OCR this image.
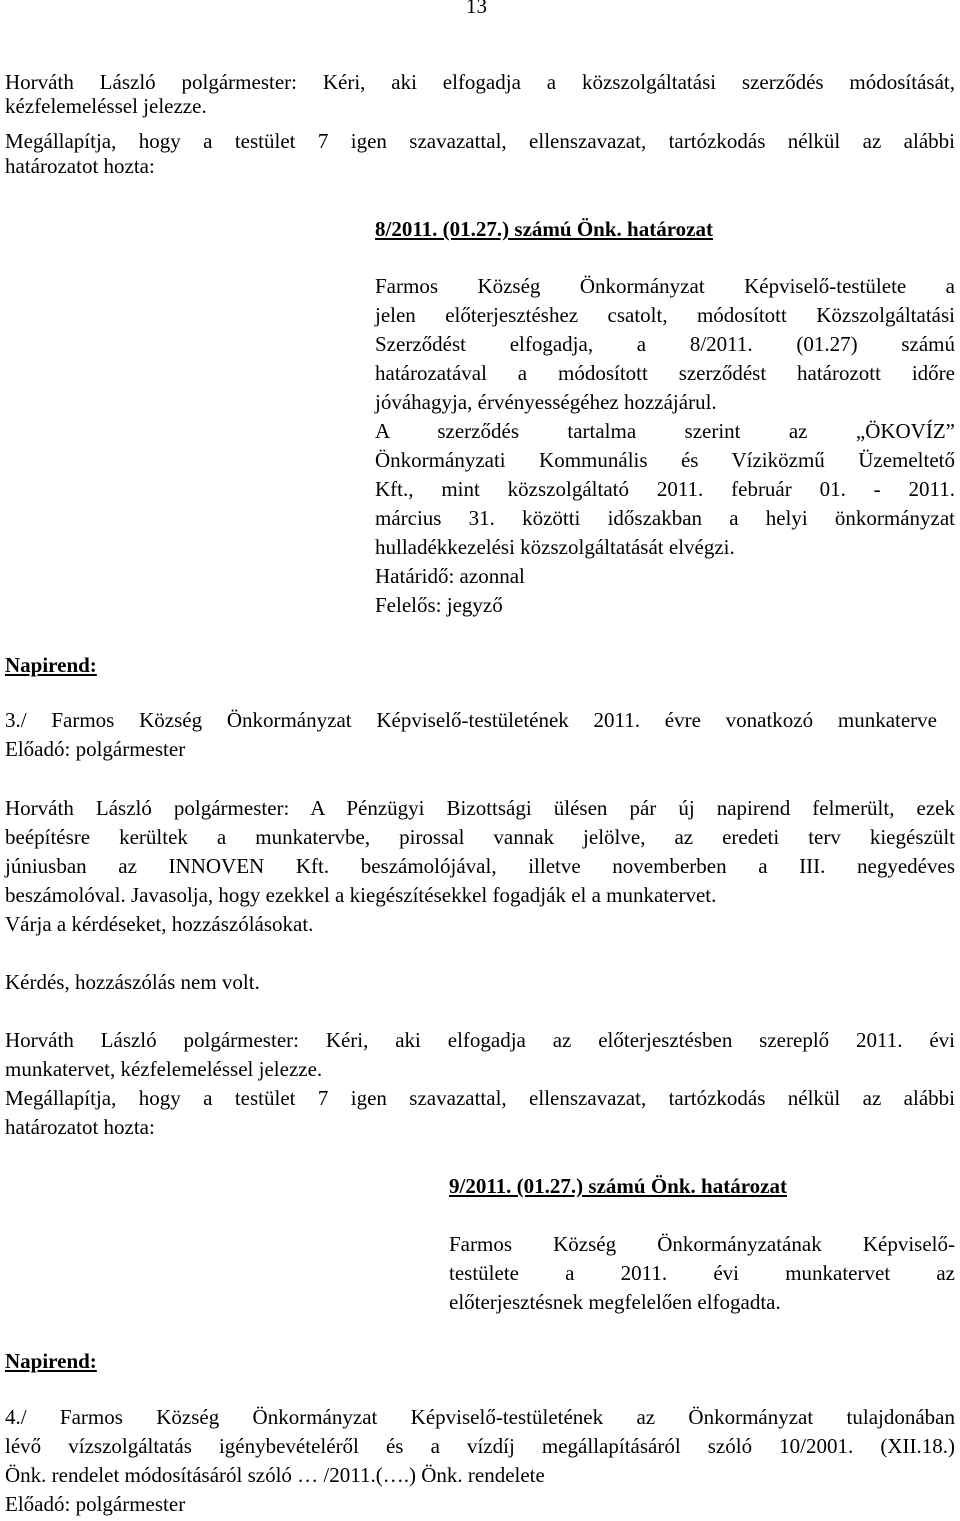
13
Horváth László polgármester: Kéri, aki elfogadja a közszolgáltatási szerződés módosítását,
kézfelemeléssel jelezze.
Megállapítja, hogy a testület 7 igen szavazattal, ellenszavazat, tartózkodás nélkül az alábbi
határozatot hozta:
8/2011. (01.27.) számú Önk. határozat
Farmos Község Önkormányzat Képviselő-testülete a
jelen előterjesztéshez csatolt, módosított Közszolgáltatási
Szerződést elfogadja, a 8/2011. (01.27) számú
határozatával a módosított szerződést határozott időre
jóváhagyja, érvényességéhez hozzájárul.
A szerződés tartalma szerint az „ÖKOVÍZ”
Önkormányzati Kommunális és Víziközmű Üzemeltető
Kft., mint közszolgáltató 2011. február 01. - 2011.
március 31. közötti időszakban a helyi önkormányzat
hulladékkezelési közszolgáltatását elvégzi.
Határidő: azonnal
Felelős: jegyző
Napirend:
3./ Farmos Község Önkormányzat Képviselő-testületének 2011. évre vonatkozó munkaterve
Előadó: polgármester
Horváth László polgármester: A Pénzügyi Bizottsági ülésen pár új napirend felmerült, ezek
beépítésre kerültek a munkatervbe, pirossal vannak jelölve, az eredeti terv kiegészült
júniusban az INNOVEN Kft. beszámolójával, illetve novemberben a III. negyedéves
beszámolóval. Javasolja, hogy ezekkel a kiegészítésekkel fogadják el a munkatervet.
Várja a kérdéseket, hozzászólásokat.
Kérdés, hozzászólás nem volt.
Horváth László polgármester: Kéri, aki elfogadja az előterjesztésben szereplő 2011. évi
munkatervet, kézfelemeléssel jelezze.
Megállapítja, hogy a testület 7 igen szavazattal, ellenszavazat, tartózkodás nélkül az alábbi
határozatot hozta:
9/2011. (01.27.) számú Önk. határozat
Farmos Község Önkormányzatának Képviselő-
testülete a 2011. évi munkatervet az
előterjesztésnek megfelelően elfogadta.
Napirend:
4./ Farmos Község Önkormányzat Képviselő-testületének az Önkormányzat tulajdonában
lévő vízszolgáltatás igénybevételéről és a vízdíj megállapításáról szóló 10/2001. (XII.18.)
Önk. rendelet módosításáról szóló … /2011.(….) Önk. rendelete
Előadó: polgármester
